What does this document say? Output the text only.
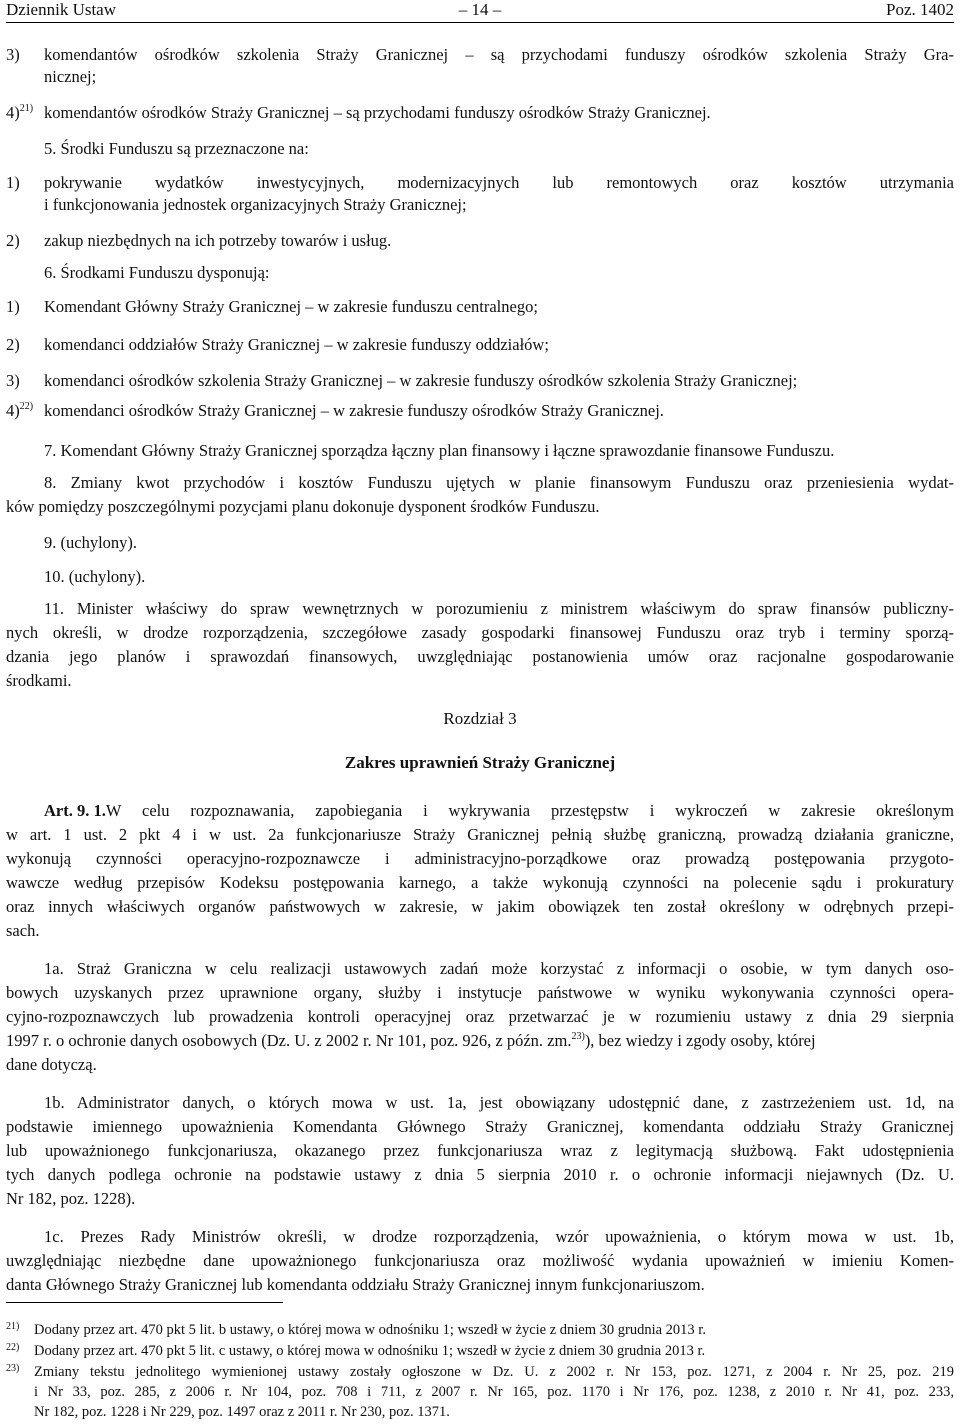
Dziennik Ustaw	– 14 –	Poz. 1402
3) komendantów ośrodków szkolenia Straży Granicznej – są przychodami funduszy ośrodków szkolenia Straży Gra-
nicznej;
4)$^{21)}$ komendantów ośrodków Straży Granicznej – są przychodami funduszy ośrodków Straży Granicznej.
5. Środki Funduszu są przeznaczone na:
1) pokrywanie wydatków inwestycyjnych, modernizacyjnych lub remontowych oraz kosztów utrzymania
i funkcjonowania jednostek organizacyjnych Straży Granicznej;
2) zakup niezbędnych na ich potrzeby towarów i usług.
6. Środkami Funduszu dysponują:
1) Komendant Główny Straży Granicznej – w zakresie funduszu centralnego;
2) komendanci oddziałów Straży Granicznej – w zakresie funduszy oddziałów;
3) komendanci ośrodków szkolenia Straży Granicznej – w zakresie funduszy ośrodków szkolenia Straży Granicznej;
4)$^{22)}$ komendanci ośrodków Straży Granicznej – w zakresie funduszy ośrodków Straży Granicznej.
7. Komendant Główny Straży Granicznej sporządza łączny plan finansowy i łączne sprawozdanie finansowe Funduszu.
8. Zmiany kwot przychodów i kosztów Funduszu ujętych w planie finansowym Funduszu oraz przeniesienia wydat-
ków pomiędzy poszczególnymi pozycjami planu dokonuje dysponent środków Funduszu.
9. (uchylony).
10. (uchylony).
11. Minister właściwy do spraw wewnętrznych w porozumieniu z ministrem właściwym do spraw finansów publiczny-
nych określi, w drodze rozporządzenia, szczegółowe zasady gospodarki finansowej Funduszu oraz tryb i terminy sporzą-
dzania jego planów i sprawozdań finansowych, uwzględniając postanowienia umów oraz racjonalne gospodarowanie
środkami.
Rozdział 3
Zakres uprawnień Straży Granicznej
Art. 9. 1. W celu rozpoznawania, zapobiegania i wykrywania przestępstw i wykroczeń w zakresie określonym
w art. 1 ust. 2 pkt 4 i w ust. 2a funkcjonariusze Straży Granicznej pełnią służbę graniczną, prowadzą działania graniczne,
wykonują czynności operacyjno-rozpoznawcze i administracyjno-porządkowe oraz prowadzą postępowania przygoto-
wawcze według przepisów Kodeksu postępowania karnego, a także wykonują czynności na polecenie sądu i prokuratury
oraz innych właściwych organów państwowych w zakresie, w jakim obowiązek ten został określony w odrębnych przepi-
sach.
1a. Straż Graniczna w celu realizacji ustawowych zadań może korzystać z informacji o osobie, w tym danych oso-
bowych uzyskanych przez uprawnione organy, służby i instytucje państwowe w wyniku wykonywania czynności opera-
cyjno-rozpoznawczych lub prowadzenia kontroli operacyjnej oraz przetwarzać je w rozumieniu ustawy z dnia 29 sierpnia
1997 r. o ochronie danych osobowych (Dz. U. z 2002 r. Nr 101, poz. 926, z późn. zm.$^{23)}$), bez wiedzy i zgody osoby, której
dane dotyczą.
1b. Administrator danych, o których mowa w ust. 1a, jest obowiązany udostępnić dane, z zastrzeżeniem ust. 1d, na
podstawie imiennego upoważnienia Komendanta Głównego Straży Granicznej, komendanta oddziału Straży Granicznej
lub upoważnionego funkcjonariusza, okazanego przez funkcjonariusza wraz z legitymacją służbową. Fakt udostępnienia
tych danych podlega ochronie na podstawie ustawy z dnia 5 sierpnia 2010 r. o ochronie informacji niejawnych (Dz. U.
Nr 182, poz. 1228).
1c. Prezes Rady Ministrów określi, w drodze rozporządzenia, wzór upoważnienia, o którym mowa w ust. 1b,
uwzględniając niezbędne dane upoważnionego funkcjonariusza oraz możliwość wydania upoważnień w imieniu Komen-
danta Głównego Straży Granicznej lub komendanta oddziału Straży Granicznej innym funkcjonariuszom.
21) Dodany przez art. 470 pkt 5 lit. b ustawy, o której mowa w odnośniku 1; wszedł w życie z dniem 30 grudnia 2013 r.
22) Dodany przez art. 470 pkt 5 lit. c ustawy, o której mowa w odnośniku 1; wszedł w życie z dniem 30 grudnia 2013 r.
23) Zmiany tekstu jednolitego wymienionej ustawy zostały ogłoszone w Dz. U. z 2002 r. Nr 153, poz. 1271, z 2004 r. Nr 25, poz. 219
i Nr 33, poz. 285, z 2006 r. Nr 104, poz. 708 i 711, z 2007 r. Nr 165, poz. 1170 i Nr 176, poz. 1238, z 2010 r. Nr 41, poz. 233,
Nr 182, poz. 1228 i Nr 229, poz. 1497 oraz z 2011 r. Nr 230, poz. 1371.
